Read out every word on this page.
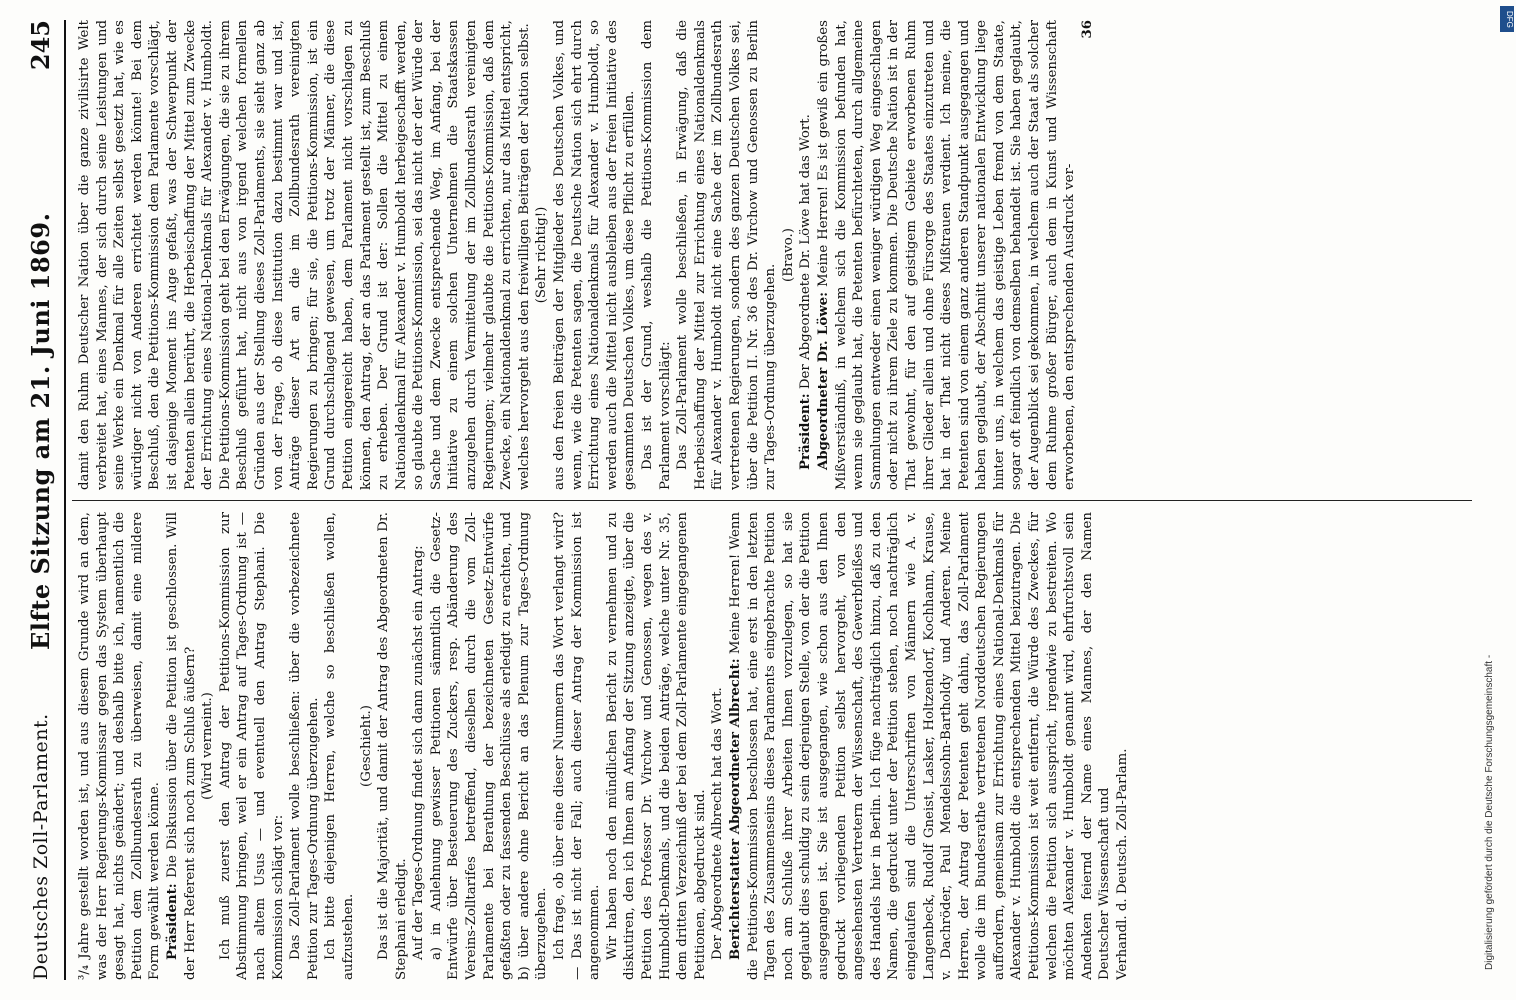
Deutsches Zoll-Parlament.
Elfte Sitzung am 21. Juni 1869.
245

³/₄ Jahre gestellt worden ist, und aus diesem Grunde wird an dem, was der Herr Regierungs-Kommissar gegen das System überhaupt gesagt hat, nichts geändert; und deshalb bitte ich, namentlich die Petition dem Zollbundesrath zu überweisen, damit eine mildere Form gewählt werden könne. Präsident: Die Diskussion über die Petition ist geschlossen. Will der Herr Referent sich noch zum Schluß äußern? (Wird verneint.) Ich muß zuerst den Antrag der Petitions-Kommission zur Abstimmung bringen, weil er ein Antrag auf Tages-Ordnung ist — nach altem Usus — und eventuell den Antrag Stephani. Die Kommission schlägt vor: Das Zoll-Parlament wolle beschließen: über die vorbezeichnete Petition zur Tages-Ordnung überzugehen. Ich bitte diejenigen Herren, welche so beschließen wollen, aufzustehen.

(Geschieht.) Das ist die Majorität, und damit der Antrag des Abgeordneten Dr. Stephani erledigt. Auf der Tages-Ordnung findet sich dann zunächst ein Antrag: a) in Anlehnung gewisser Petitionen sämmtlich die Gesetz-Entwürfe über Besteuerung des Zuckers, resp. Abänderung des Vereins-Zolltarifes betreffend, dieselben durch die vom Zoll-Parlamente bei Berathung der bezeichneten Gesetz-Entwürfe gefaßten oder zu fassenden Beschlüsse als erledigt zu erachten, und b) über andere ohne Bericht an das Plenum zur Tages-Ordnung überzugehen. Ich frage, ob über eine dieser Nummern das Wort verlangt wird? — Das ist nicht der Fall; auch dieser Antrag der Kommission ist angenommen. Wir haben noch den mündlichen Bericht zu vernehmen und zu diskutiren, den ich Ihnen am Anfang der Sitzung anzeigte, über die Petition des Professor Dr. Virchow und Genossen, wegen des v. Humboldt-Denkmals, und die beiden Anträge, welche unter Nr. 35, dem dritten Verzeichniß der bei dem Zoll-Parlamente eingegangenen Petitionen, abgedruckt sind. Der Abgeordnete Albrecht hat das Wort. Berichterstatter Abgeordneter Albrecht: Meine Herren! Wenn die Petitions-Kommission beschlossen hat, eine erst in den letzten Tagen des Zusammenseins dieses Parlaments eingebrachte Petition noch am Schluße ihrer Arbeiten Ihnen vorzulegen, so hat sie geglaubt dies schuldig zu sein derjenigen Stelle, von der die Petition ausgegangen ist. Sie ist ausgegangen, wie schon aus den Ihnen gedruckt vorliegenden Petition selbst hervorgeht, von den angesehensten Vertretern der Wissenschaft, des Gewerbfleißes und des Handels hier in Berlin. Ich füge nachträglich hinzu, daß zu den Namen, die gedruckt unter der Petition stehen, noch nachträglich eingelaufen sind die Unterschriften von Männern wie A. v. Langenbeck, Rudolf Gneist, Lasker, Holtzendorf, Kochhann, Krause, v. Dachröder, Paul Mendelssohn-Bartholdy und Anderen. Meine Herren, der Antrag der Petenten geht dahin, das Zoll-Parlament wolle die im Bundesrathe vertretenen Norddeutschen Regierungen auffordern, gemeinsam zur Errichtung eines National-Denkmals für Alexander v. Humboldt die entsprechenden Mittel beizutragen. Die Petitions-Kommission ist weit entfernt, die Würde des Zweckes, für welchen die Petition sich ausspricht, irgendwie zu bestreiten. Wo möchten Alexander v. Humboldt genannt wird, ehrfurchtsvoll sein Andenken feiernd der Name eines Mannes, der den Namen Deutscher Wissenschaft und Verhandl. d. Deutsch. Zoll-Parlam.

damit den Ruhm Deutscher Nation über die ganze zivilisirte Welt verbreitet hat, eines Mannes, der sich durch seine Leistungen und seine Werke ein Denkmal für alle Zeiten selbst gesetzt hat, wie es würdiger nicht von Anderen errichtet werden könnte! Bei dem Beschluß, den die Petitions-Kommission dem Parlamente vorschlägt, ist dasjenige Moment ins Auge gefaßt, was der Schwerpunkt der Petenten allein berührt, die Herbeischaffung der Mittel zum Zwecke der Errichtung eines National-Denkmals für Alexander v. Humboldt. Die Petitions-Kommission geht bei den Erwägungen, die sie zu ihrem Beschluß geführt hat, nicht aus von irgend welchen formellen Gründen aus der Stellung dieses Zoll-Parlaments, sie sieht ganz ab von der Frage, ob diese Institution dazu bestimmt war und ist, Anträge dieser Art an die im Zollbundesrath vereinigten Regierungen zu bringen; für sie, die Petitions-Kommission, ist ein Grund durchschlagend gewesen, um trotz der Männer, die diese Petition eingereicht haben, dem Parlament nicht vorschlagen zu können, den Antrag, der an das Parlament gestellt ist, zum Beschluß zu erheben. Der Grund ist der: Sollen die Mittel zu einem Nationaldenkmal für Alexander v. Humboldt herbeigeschafft werden, so glaubte die Petitions-Kommission, sei das nicht der der Würde der Sache und dem Zwecke entsprechende Weg, im Anfang, bei der Initiative zu einem solchen Unternehmen die Staatskassen anzugehen durch Vermittelung der im Zollbundesrath vereinigten Regierungen; vielmehr glaubte die Petitions-Kommission, daß dem Zwecke, ein Nationaldenkmal zu errichten, nur das Mittel entspricht, welches hervorgeht aus den freiwilligen Beiträgen der Nation selbst. (Sehr richtig!) aus den freien Beiträgen der Mitglieder des Deutschen Volkes, und wenn, wie die Petenten sagen, die Deutsche Nation sich ehrt durch Errichtung eines Nationaldenkmals für Alexander v. Humboldt, so werden auch die Mittel nicht ausbleiben aus der freien Initiative des gesammten Deutschen Volkes, um diese Pflicht zu erfüllen. Das ist der Grund, weshalb die Petitions-Kommission dem Parlament vorschlägt: Das Zoll-Parlament wolle beschließen, in Erwägung, daß die Herbeischaffung der Mittel zur Errichtung eines Nationaldenkmals für Alexander v. Humboldt nicht eine Sache der im Zollbundesrath vertretenen Regierungen, sondern des ganzen Deutschen Volkes sei, über die Petition II. Nr. 36 des Dr. Virchow und Genossen zu Berlin zur Tages-Ordnung überzugehen.

(Bravo.)

Präsident: Der Abgeordnete Dr. Löwe hat das Wort. Abgeordneter Dr. Löwe: Meine Herren! Es ist gewiß ein großes Mißverständniß, in welchem sich die Kommission befunden hat, wenn sie geglaubt hat, die Petenten befürchteten, durch allgemeine Sammlungen entweder einen weniger würdigen Weg eingeschlagen oder nicht zu ihrem Ziele zu kommen. Die Deutsche Nation ist in der That gewohnt, für den auf geistigem Gebiete erworbenen Ruhm ihrer Glieder allein und ohne Fürsorge des Staates einzutreten und hat in der That nicht dieses Mißtrauen verdient. Ich meine, die Petenten sind von einem ganz anderen Standpunkt ausgegangen und haben geglaubt, der Abschnitt unserer nationalen Entwicklung liege hinter uns, in welchem das geistige Leben fremd von dem Staate, sogar oft feindlich von demselben behandelt ist. Sie haben geglaubt, der Augenblick sei gekommen, in welchem auch der Staat als solcher dem Ruhme großer Bürger, auch dem in Kunst und Wissenschaft erworbenen, den entsprechenden Ausdruck ver-

36

Digitalisierung gefördert durch die Deutsche Forschungsgemeinschaft -
DFG
